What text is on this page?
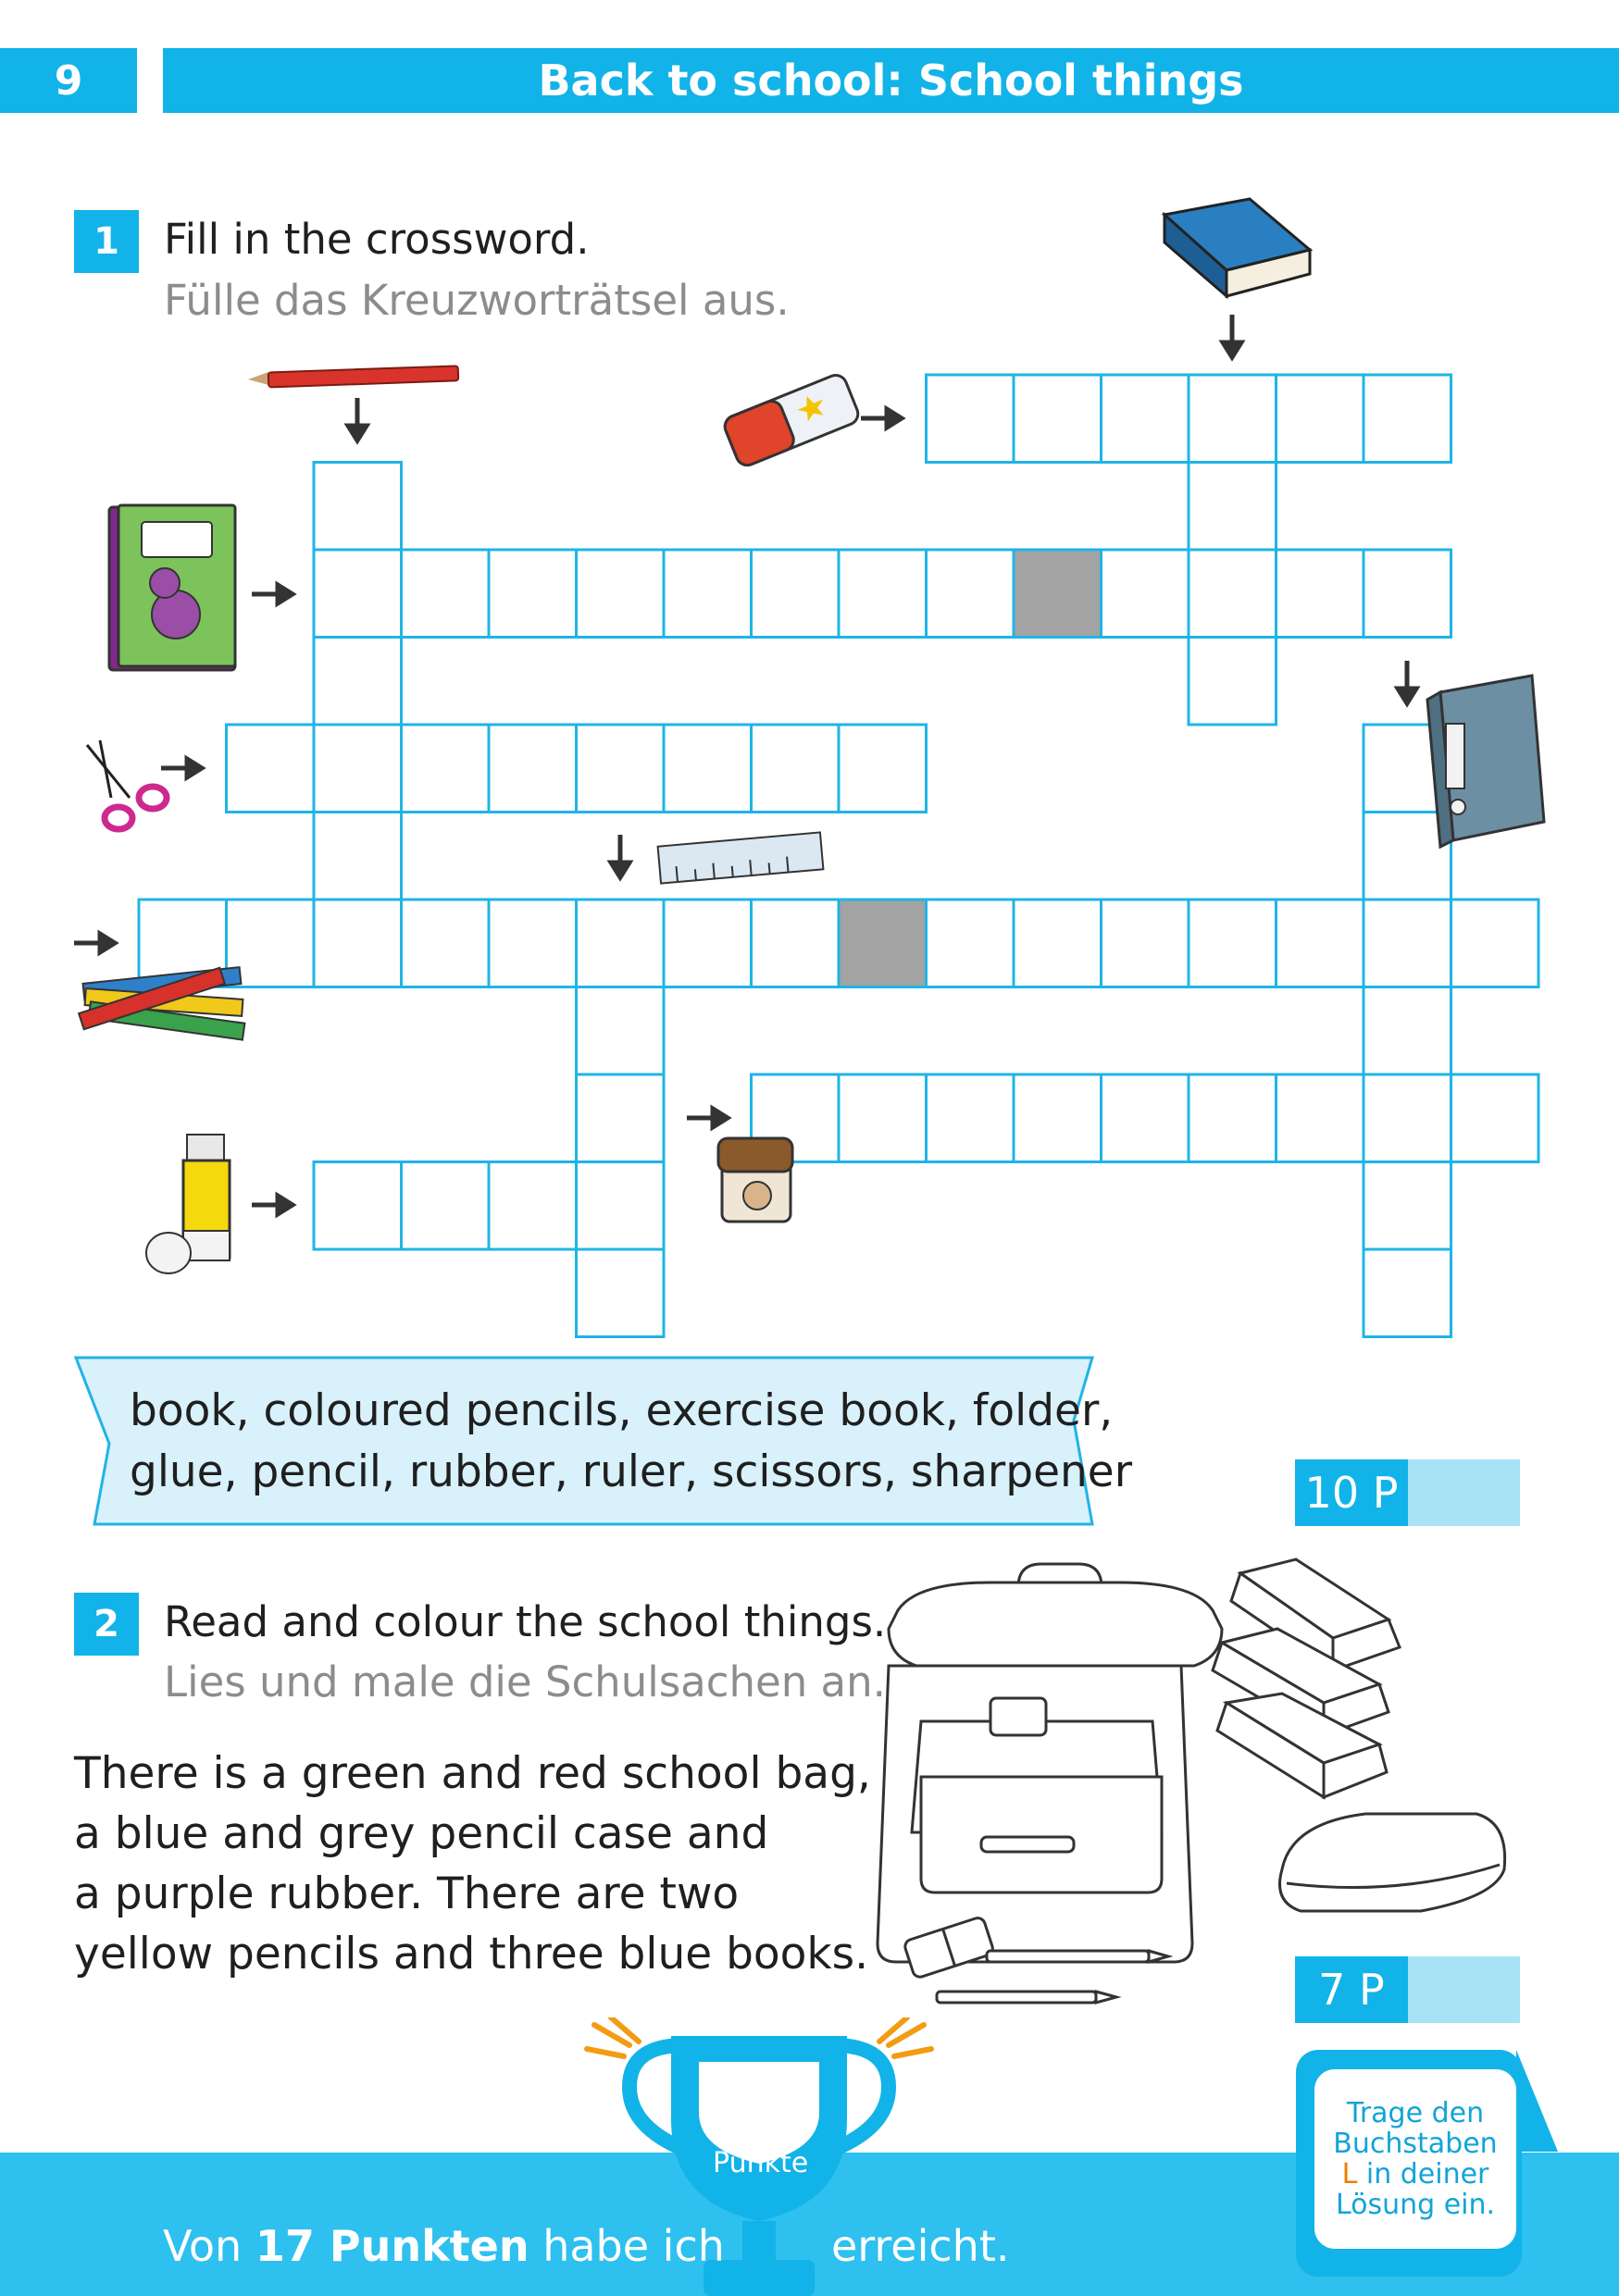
9	Back to school: School things
1	Fill in the crossword.
Fülle das Kreuzworträtsel aus.
book, coloured pencils, exercise book, folder,
glue, pencil, rubber, ruler, scissors, sharpener	10 P
2	Read and colour the school things.
Lies und male die Schulsachen an.
There is a green and red school bag,
a blue and grey pencil case and
a purple rubber. There are two
yellow pencils and three blue books.
7 P
Punkte
Von 17 Punkten habe ich	erreicht.
Trage den
Buchstaben
L in deiner
Lösung ein.
